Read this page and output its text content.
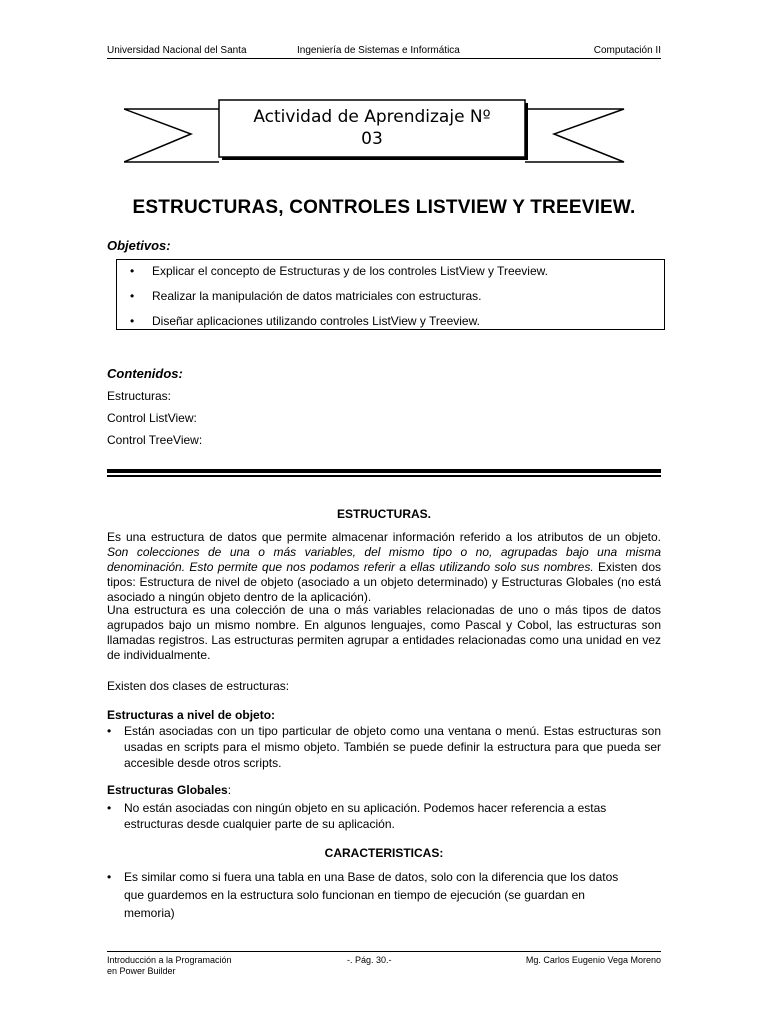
Universidad Nacional del Santa	Ingeniería de Sistemas e Informática	Computación II
Actividad de Aprendizaje Nº
03
ESTRUCTURAS, CONTROLES LISTVIEW Y TREEVIEW.
Objetivos:
• Explicar el concepto de Estructuras y de los controles ListView y Treeview.
• Realizar la manipulación de datos matriciales con estructuras.
• Diseñar aplicaciones utilizando controles ListView y Treeview.
Contenidos:
Estructuras:
Control ListView:
Control TreeView:
ESTRUCTURAS.
Es una estructura de datos que permite almacenar información referido a los atributos de un objeto. Son colecciones de una o más variables, del mismo tipo o no, agrupadas bajo una misma denominación. Esto permite que nos podamos referir a ellas utilizando solo sus nombres. Existen dos tipos: Estructura de nivel de objeto (asociado a un objeto determinado) y Estructuras Globales (no está asociado a ningún objeto dentro de la aplicación).
Una estructura es una colección de una o más variables relacionadas de uno o más tipos de datos agrupados bajo un mismo nombre. En algunos lenguajes, como Pascal y Cobol, las estructuras son llamadas registros. Las estructuras permiten agrupar a entidades relacionadas como una unidad en vez de individualmente.
Existen dos clases de estructuras:
Estructuras a nivel de objeto:
• Están asociadas con un tipo particular de objeto como una ventana o menú. Estas estructuras son usadas en scripts para el mismo objeto. También se puede definir la estructura para que pueda ser accesible desde otros scripts.
Estructuras Globales:
• No están asociadas con ningún objeto en su aplicación. Podemos hacer referencia a estas estructuras desde cualquier parte de su aplicación.
CARACTERISTICAS:
• Es similar como si fuera una tabla en una Base de datos, solo con la diferencia que los datos que guardemos en la estructura solo funcionan en tiempo de ejecución (se guardan en memoria)
Introducción a la Programación
en Power Builder
-. Pág. 30.-	Mg. Carlos Eugenio Vega Moreno
